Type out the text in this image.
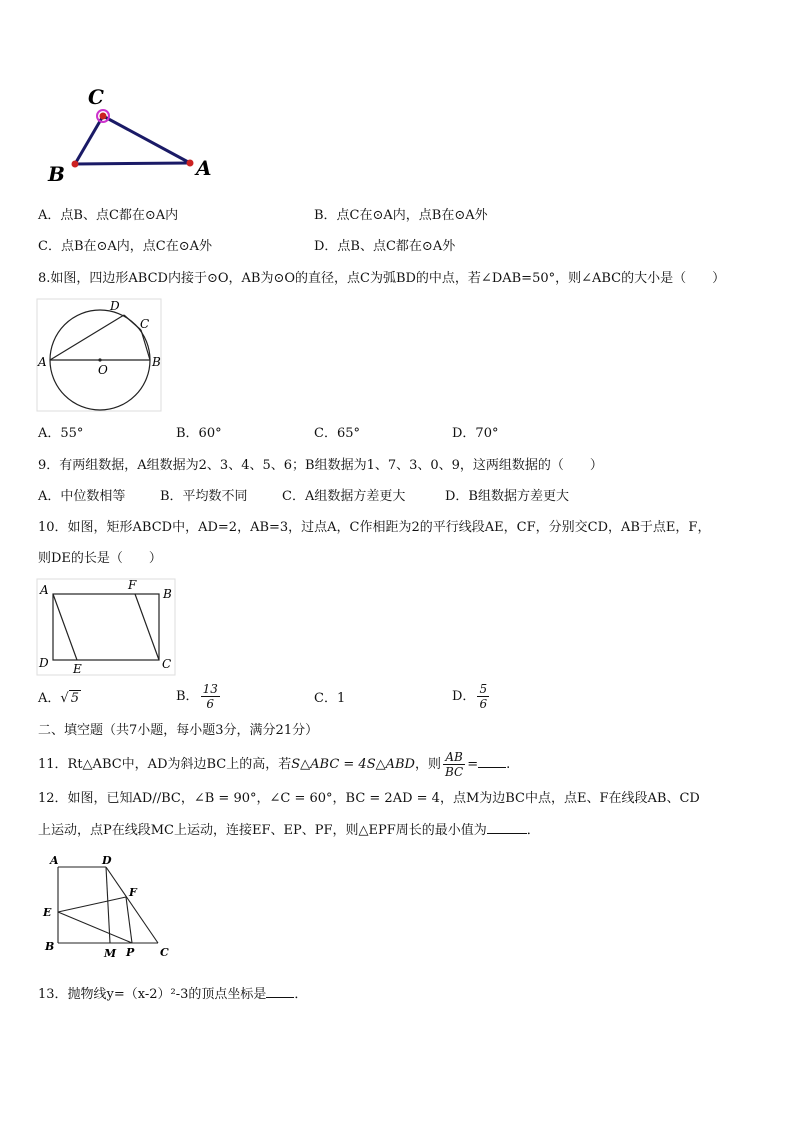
C
B	A
A．点B、点C都在⊙A内	B．点C在⊙A内，点B在⊙A外
C．点B在⊙A内，点C在⊙A外	D．点B、点C都在⊙A外
8.如图，四边形ABCD内接于⊙O，AB为⊙O的直径，点C为弧BD的中点，若∠DAB=50°，则∠ABC的大小是（　　）
A	B
C
D
O
A．55°	B．60°	C．65°	D．70°
9．有两组数据，A组数据为2、3、4、5、6；B组数据为1、7、3、0、9，这两组数据的（　　）
A．中位数相等	B．平均数不同	C．A组数据方差更大	D．B组数据方差更大
10．如图，矩形ABCD中，AD=2，AB=3，过点A，C作相距为2的平行线段AE，CF，分别交CD，AB于点E，F，
则DE的长是（　　）
A	B
C
D E
F
A．√ 5	B． $\frac{13}{6}$	C．1	D． $\frac{5}{6}$
二、填空题（共7小题，每小题3分，满分21分）
11．Rt△ABC中，AD为斜边BC上的高，若S△ABC = 4S△ABD，则 $\frac{AB}{BC}$ = .
12．如图，已知AD//BC，∠B = 90°，∠C = 60°，BC = 2AD = 4，点M为边BC中点，点E、F在线段AB、CD
上运动，点P在线段MC上运动，连接EF、EP、PF，则△EPF周长的最小值为	．
A	D
F
E
B
M P C
13．抛物线y=（x-2）²-3的顶点坐标是 ．
